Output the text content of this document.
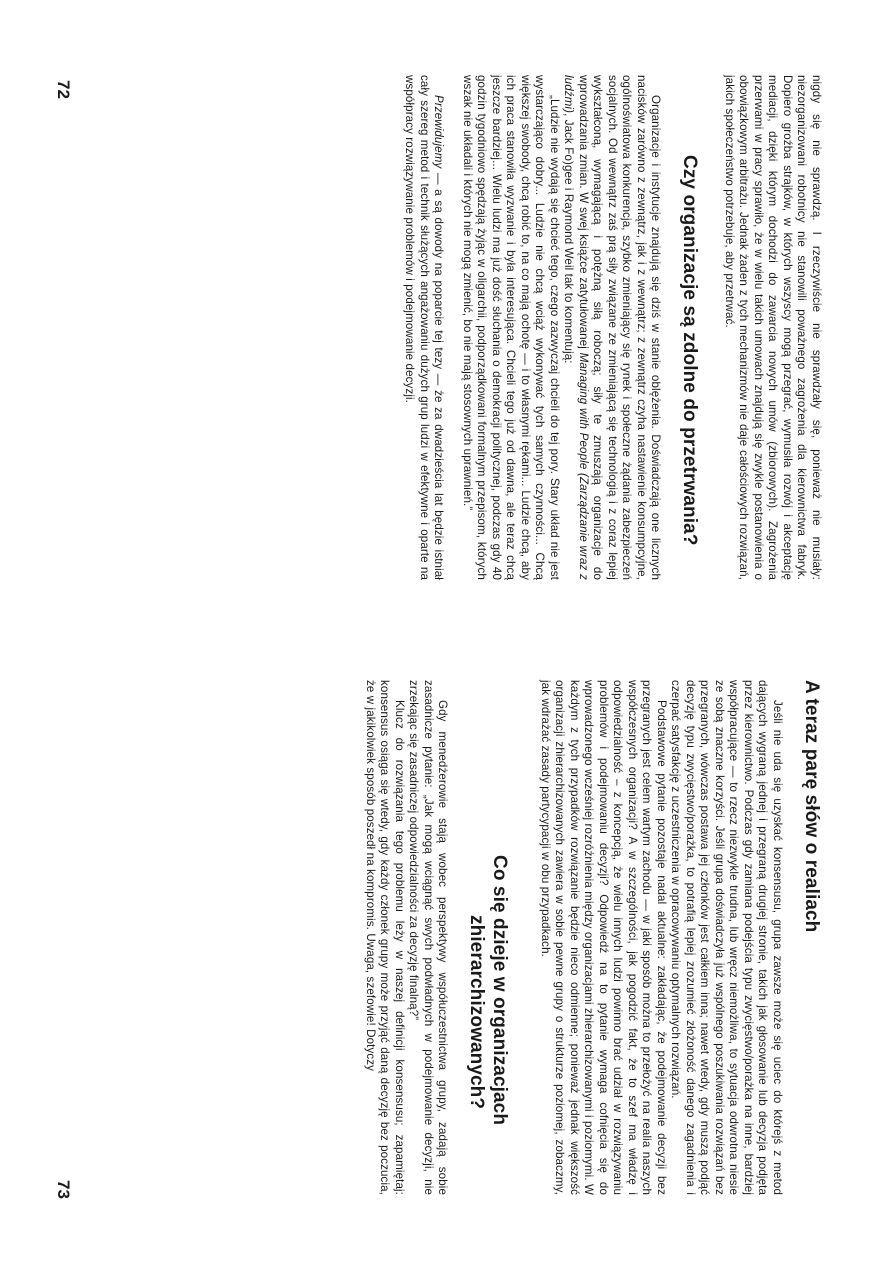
nigdy się nie sprawdzą. I rzeczywiście nie sprawdzały się, ponieważ nie musiały: niezorganizowani robotnicy nie stanowili poważnego zagrożenia dla kierownictwa fabryk. Dopiero groźba strajków, w których wszyscy mogą przegrać, wymusiła rozwój i akceptację mediacji, dzięki którym dochodzi do zawarcia nowych umów (zbiorowych). Zagrożenia przerwami w pracy sprawiło, że w wielu takich umowach znajdują się zwykle postanowienia o obowiązkowym arbitrażu. Jednak żaden z tych mechanizmów nie daje całościowych rozwiązań, jakich społeczeństwo potrzebuje, aby przetrwać.

Czy organizacje są zdolne do przetrwania?

Organizacje i instytucje znajdują się dziś w stanie oblężenia. Doświadczają one licznych nacisków zarówno z zewnątrz, jak i z wewnątrz; z zewnątrz czyha nastawienie konsumpcyjne, ogólnoświatowa konkurencja, szybko zmieniający się rynek i społeczne żądania zabezpieczeń socjalnych. Od wewnątrz zaś prą siły związane ze zmieniającą się technologią i z coraz lepiej wykształconą, wymagającą i potężną siłą roboczą; siły te zmuszają organizacje do wprowadzania zmian. W swej książce zatytułowanej Managing with People (Zarządzanie wraz z ludźmi), Jack Fo)gee i Raymond Weil tak to komentują:

„Ludzie nie wydają się chcieć tego, czego zazwyczaj chcieli do tej pory. Stary układ nie jest wystarczająco dobry... Ludzie nie chcą wciąż wykonywać tych samych czynności... Chcą większej swobody, chcą robić to, na co mają ochotę — i to własnymi rękami... Ludzie chcą, aby ich praca stanowiła wyzwanie i była interesująca. Chcieli tego już od dawna, ale teraz chcą jeszcze bardziej... Wielu ludzi ma już dość słuchania o demokracji politycznej, podczas gdy 40 godzin tygodniowo spędzają żyjąc w oligarchii, podporządkowani formalnym przepisom, których wszak nie układali i których nie mogą zmienić, bo nie mają stosownych uprawnień.”

Przewidujemy — a są dowody na poparcie tej tezy — że za dwadzieścia lat będzie istniał cały szereg metod i technik służących angażowaniu dużych grup ludzi w efektywne i oparte na współpracy rozwiązywanie problemów i podejmowanie decyzji.

72
A teraz parę słów o realiach

Jeśli nie uda się uzyskać konsensusu, grupa zawsze może się uciec do którejś z metod dających wygraną jednej i przegraną drugiej stronie, takich jak głosowanie lub decyzja podjęta przez kierownictwo. Podczas gdy zamiana podejścia typu zwycięstwo/porażka na inne, bardziej współpracujące — to rzecz niezwykle trudna, lub wręcz niemożliwa, to sytuacja odwrotna niesie ze sobą znaczne korzyści. Jeśli grupa doświadczyła już wspólnego poszukiwania rozwiązań bez przegranych, wówczas postawa jej członków jest całkiem inna; nawet wtedy, gdy muszą podjąć decyzję typu zwycięstwo/porażka, to potrafią lepiej zrozumieć złożoność danego zagadnienia i czerpać satysfakcję z uczestniczenia w opracowywaniu optymalnych rozwiązań.

Podstawowe pytanie pozostaje nadal aktualne: zakładając, że podejmowanie decyzji bez przegranych jest celem wartym zachodu — w jaki sposób można to przełożyć na realia naszych współczesnych organizacji? A w szczególności, jak pogodzić fakt, że to szef ma władzę i odpowiedzialność – z koncepcją, że wielu innych ludzi powinno brać udział w rozwiązywaniu problemów i podejmowaniu decyzji? Odpowiedź na to pytanie wymaga cofnięcia się do wprowadzonego wcześniej rozróżnienia między organizacjami zhierarchizowanymi i poziomymi. W każdym z tych przypadków rozwiązanie będzie nieco odmienne; ponieważ jednak większość organizacji zhierarchizowanych zawiera w sobie pewne grupy o strukturze poziomej, zobaczmy, jak wdrażać zasady partycypacji w obu przypadkach.

Co się dzieje w organizacjach
zhierarchizowanych?

Gdy menedżerowie stają wobec perspektywy współuczestnictwa grupy, zadają sobie zasadnicze pytanie: „Jak mogą wciągnąć swych podwładnych w podejmowanie decyzji, nie zrzekając się zasadniczej odpowiedzialności za decyzję finalną?”

Klucz do rozwiązania tego problemu leży w naszej definicji konsensusu; zapamiętaj: konsensus osiąga się wtedy, gdy każdy członek grupy może przyjąć daną decyzję bez poczucia, że w jakikolwiek sposób poszedł na kompromis. Uwaga, szefowie! Dotyczy

73
